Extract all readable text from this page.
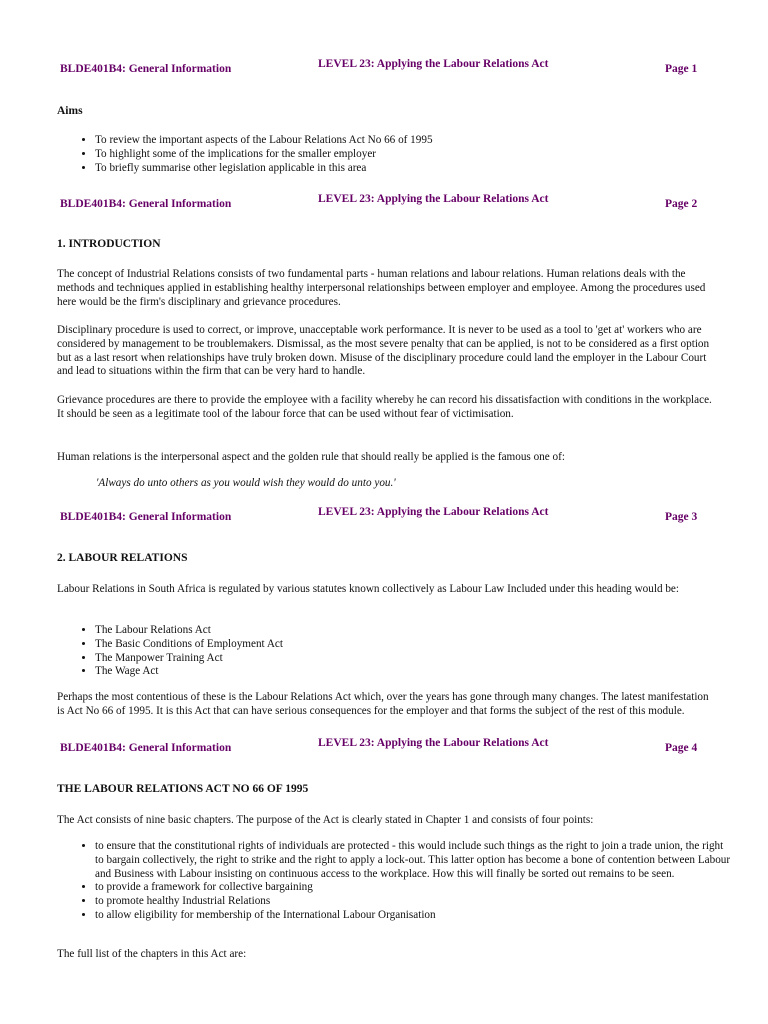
BLDE401B4: General Information	LEVEL 23: Applying the Labour Relations Act	Page 1
Aims
• To review the important aspects of the Labour Relations Act No 66 of 1995
• To highlight some of the implications for the smaller employer
• To briefly summarise other legislation applicable in this area
BLDE401B4: General Information	LEVEL 23: Applying the Labour Relations Act	Page 2
1. INTRODUCTION

The concept of Industrial Relations consists of two fundamental parts - human relations and labour relations. Human relations deals with the methods and techniques applied in establishing healthy interpersonal relationships between employer and employee. Among the procedures used here would be the firm's disciplinary and grievance procedures.

Disciplinary procedure is used to correct, or improve, unacceptable work performance. It is never to be used as a tool to 'get at' workers who are considered by management to be troublemakers. Dismissal, as the most severe penalty that can be applied, is not to be considered as a first option but as a last resort when relationships have truly broken down. Misuse of the disciplinary procedure could land the employer in the Labour Court and lead to situations within the firm that can be very hard to handle.

Grievance procedures are there to provide the employee with a facility whereby he can record his dissatisfaction with conditions in the workplace. It should be seen as a legitimate tool of the labour force that can be used without fear of victimisation.

Human relations is the interpersonal aspect and the golden rule that should really be applied is the famous one of:

'Always do unto others as you would wish they would do unto you.'
BLDE401B4: General Information	LEVEL 23: Applying the Labour Relations Act	Page 3
2. LABOUR RELATIONS

Labour Relations in South Africa is regulated by various statutes known collectively as Labour Law Included under this heading would be:

• The Labour Relations Act
• The Basic Conditions of Employment Act
• The Manpower Training Act
• The Wage Act

Perhaps the most contentious of these is the Labour Relations Act which, over the years has gone through many changes. The latest manifestation is Act No 66 of 1995. It is this Act that can have serious consequences for the employer and that forms the subject of the rest of this module.

BLDE401B4: General Information	LEVEL 23: Applying the Labour Relations Act	Page 4
THE LABOUR RELATIONS ACT NO 66 OF 1995

The Act consists of nine basic chapters. The purpose of the Act is clearly stated in Chapter 1 and consists of four points:

• to ensure that the constitutional rights of individuals are protected - this would include such things as the right to join a trade union, the right to bargain collectively, the right to strike and the right to apply a lock-out. This latter option has become a bone of contention between Labour and Business with Labour insisting on continuous access to the workplace. How this will finally be sorted out remains to be seen.
• to provide a framework for collective bargaining
• to promote healthy Industrial Relations
• to allow eligibility for membership of the International Labour Organisation

The full list of the chapters in this Act are:
